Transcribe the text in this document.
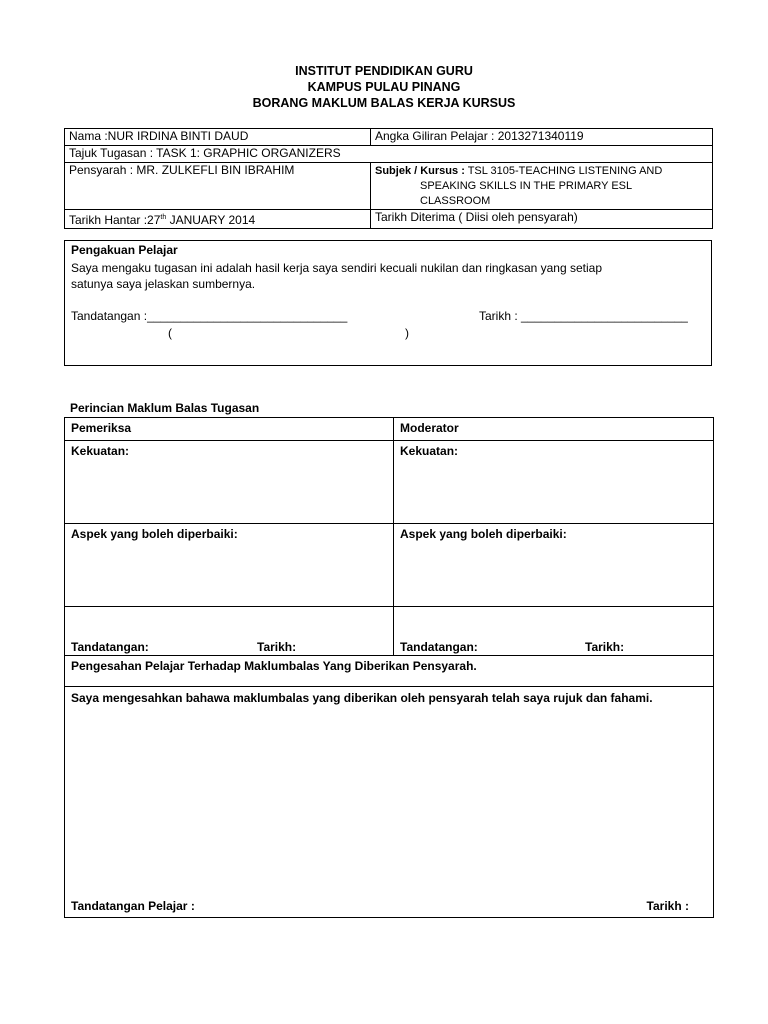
INSTITUT PENDIDIKAN GURU
KAMPUS PULAU PINANG
BORANG MAKLUM BALAS KERJA KURSUS
Nama :NUR IRDINA BINTI DAUD	Angka Giliran Pelajar : 2013271340119
Tajuk Tugasan : TASK 1: GRAPHIC ORGANIZERS	
Pensyarah : MR. ZULKEFLI BIN IBRAHIM	Subjek / Kursus : TSL 3105-TEACHING LISTENING AND
SPEAKING SKILLS IN THE PRIMARY ESL
CLASSROOM

Tarikh Hantar :27th JANUARY 2014	Tarikh Diterima ( Diisi oleh pensyarah)
Pengakuan Pelajar
Saya mengaku tugasan ini adalah hasil kerja saya sendiri kecuali nukilan dan ringkasan yang setiap
satunya saya jelaskan sumbernya.
Tandatangan :______________________________	Tarikh : _________________________
(	)
Perincian Maklum Balas Tugasan
Pemeriksa	Moderator
Kekuatan:	Kekuatan:
Aspek yang boleh diperbaiki:	Aspek yang boleh diperbaiki:
Tandatangan: Tarikh:	Tandatangan: Tarikh:

Pengesahan Pelajar Terhadap Maklumbalas Yang Diberikan Pensyarah.	

Saya mengesahkan bahawa maklumbalas yang diberikan oleh pensyarah telah saya rujuk dan fahami.
Tandatangan Pelajar : Tarikh :	
